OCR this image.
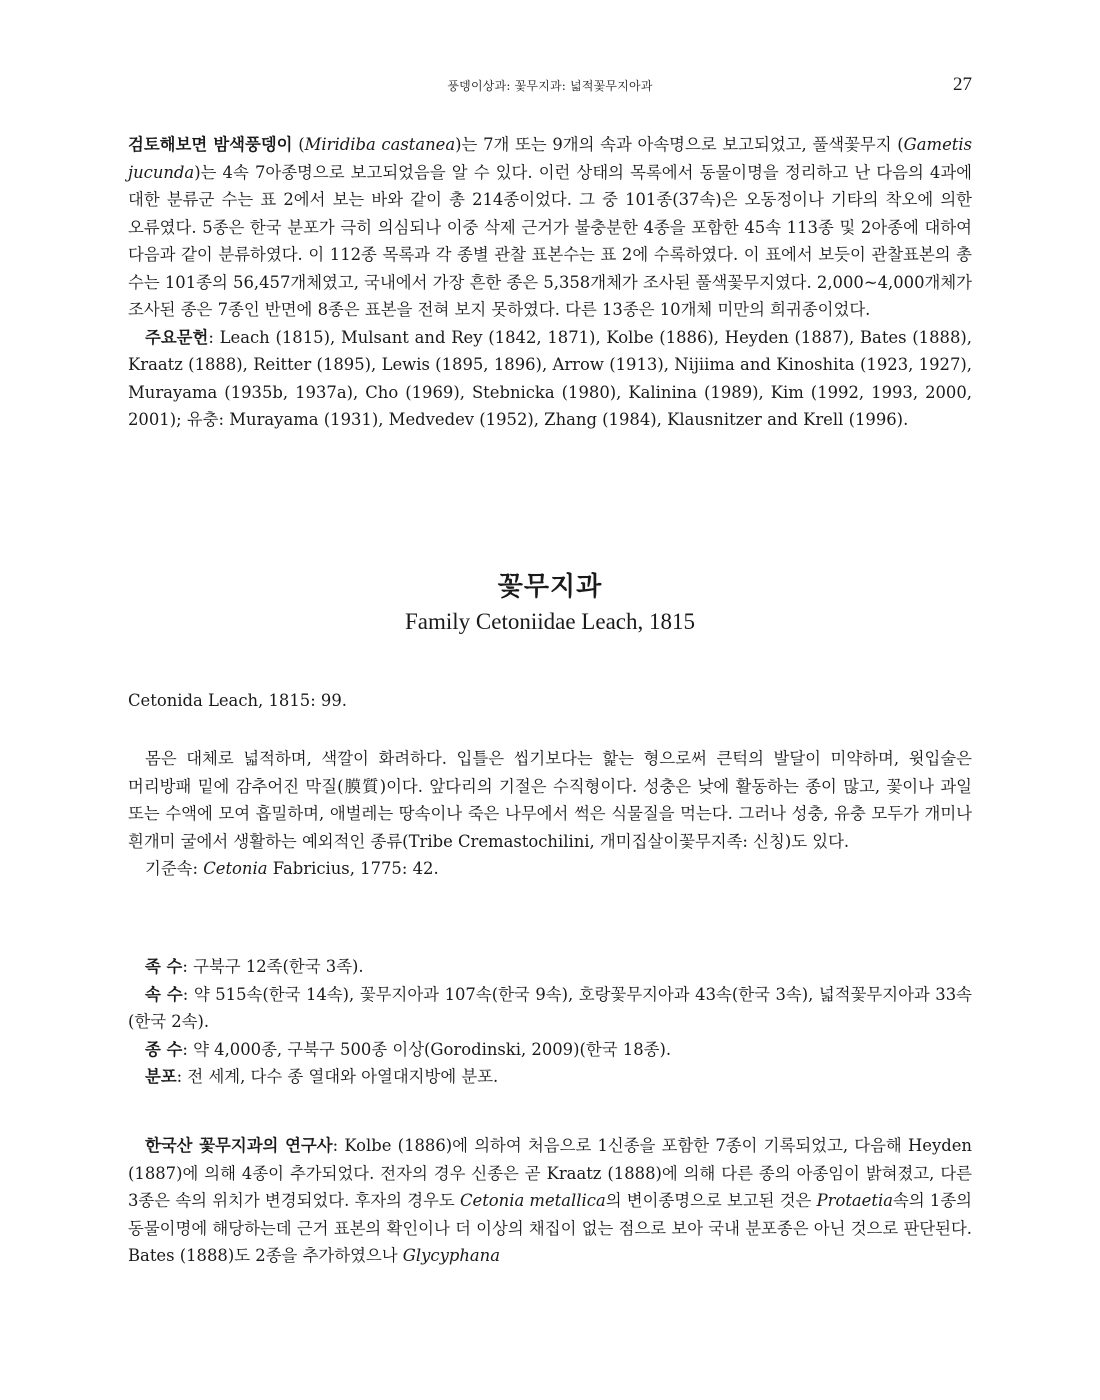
풍뎅이상과: 꽃무지과: 넓적꽃무지아과	27

검토해보면 밤색풍뎅이 (Miridiba castanea)는 7개 또는 9개의 속과 아속명으로 보고되었고, 풀색꽃무지 (Gametis jucunda)는 4속 7아종명으로 보고되었음을 알 수 있다. 이런 상태의 목록에서 동물이명을 정리하고 난 다음의 4과에 대한 분류군 수는 표 2에서 보는 바와 같이 총 214종이었다. 그 중 101종(37속)은 오동정이나 기타의 착오에 의한 오류였다. 5종은 한국 분포가 극히 의심되나 이중 삭제 근거가 불충분한 4종을 포함한 45속 113종 및 2아종에 대하여 다음과 같이 분류하였다. 이 112종 목록과 각 종별 관찰 표본수는 표 2에 수록하였다. 이 표에서 보듯이 관찰표본의 총 수는 101종의 56,457개체였고, 국내에서 가장 흔한 종은 5,358개체가 조사된 풀색꽃무지였다. 2,000~4,000개체가 조사된 종은 7종인 반면에 8종은 표본을 전혀 보지 못하였다. 다른 13종은 10개체 미만의 희귀종이었다.

주요문헌: Leach (1815), Mulsant and Rey (1842, 1871), Kolbe (1886), Heyden (1887), Bates (1888), Kraatz (1888), Reitter (1895), Lewis (1895, 1896), Arrow (1913), Nijiima and Kinoshita (1923, 1927), Murayama (1935b, 1937a), Cho (1969), Stebnicka (1980), Kalinina (1989), Kim (1992, 1993, 2000, 2001); 유충: Murayama (1931), Medvedev (1952), Zhang (1984), Klausnitzer and Krell (1996).

Cetonida Leach, 1815: 99.

몸은 대체로 넓적하며, 색깔이 화려하다. 입틀은 씹기보다는 핥는 형으로써 큰턱의 발달이 미약하며, 윗입술은 머리방패 밑에 감추어진 막질(膜質)이다. 앞다리의 기절은 수직형이다. 성충은 낮에 활동하는 종이 많고, 꽃이나 과일 또는 수액에 모여 흡밀하며, 애벌레는 땅속이나 죽은 나무에서 썩은 식물질을 먹는다. 그러나 성충, 유충 모두가 개미나 흰개미 굴에서 생활하는 예외적인 종류(Tribe Cremastochilini, 개미집살이꽃무지족: 신칭)도 있다.

기준속: Cetonia Fabricius, 1775: 42.

족 수: 구북구 12족(한국 3족).

속 수: 약 515속(한국 14속), 꽃무지아과 107속(한국 9속), 호랑꽃무지아과 43속(한국 3속), 넓적꽃무지아과 33속(한국 2속).

종 수: 약 4,000종, 구북구 500종 이상(Gorodinski, 2009)(한국 18종).

분포: 전 세계, 다수 종 열대와 아열대지방에 분포.

한국산 꽃무지과의 연구사: Kolbe (1886)에 의하여 처음으로 1신종을 포함한 7종이 기록되었고, 다음해 Heyden (1887)에 의해 4종이 추가되었다. 전자의 경우 신종은 곧 Kraatz (1888)에 의해 다른 종의 아종임이 밝혀졌고, 다른 3종은 속의 위치가 변경되었다. 후자의 경우도 Cetonia metallica의 변이종명으로 보고된 것은 Protaetia속의 1종의 동물이명에 해당하는데 근거 표본의 확인이나 더 이상의 채집이 없는 점으로 보아 국내 분포종은 아닌 것으로 판단된다. Bates (1888)도 2종을 추가하였으나 Glycyphana

꽃무지과
Family Cetoniidae Leach, 1815
